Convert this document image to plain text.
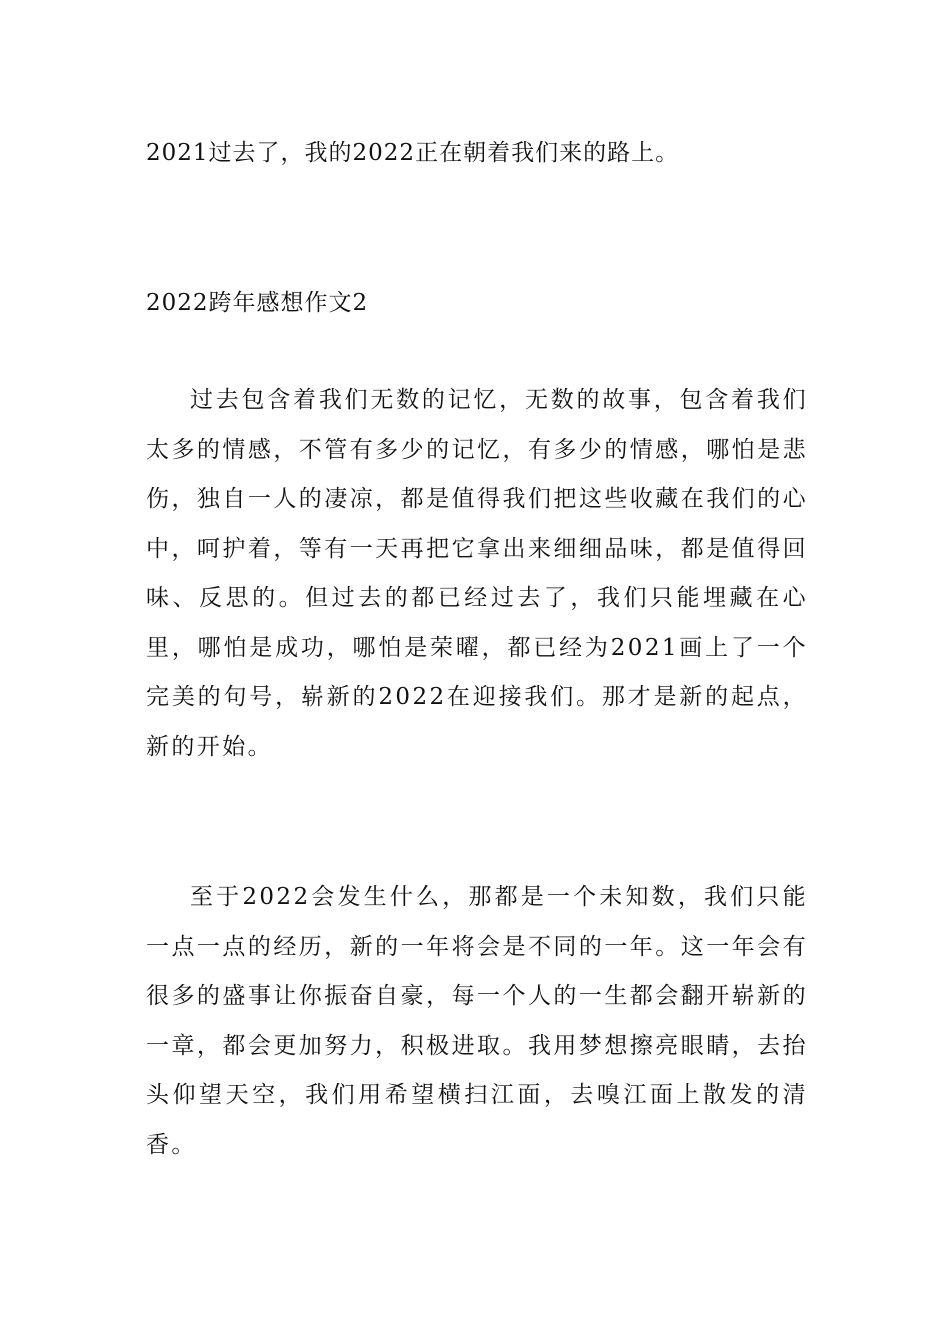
2021过去了，我的2022正在朝着我们来的路上。

2022跨年感想作文2

过去包含着我们无数的记忆，无数的故事，包含着我们太多的情感，不管有多少的记忆，有多少的情感，哪怕是悲伤，独自一人的凄凉，都是值得我们把这些收藏在我们的心中，呵护着，等有一天再把它拿出来细细品味，都是值得回味、反思的。但过去的都已经过去了，我们只能埋藏在心里，哪怕是成功，哪怕是荣曜，都已经为2021画上了一个完美的句号，崭新的2022在迎接我们。那才是新的起点，新的开始。

至于2022会发生什么，那都是一个未知数，我们只能一点一点的经历，新的一年将会是不同的一年。这一年会有很多的盛事让你振奋自豪，每一个人的一生都会翻开崭新的一章，都会更加努力，积极进取。我用梦想擦亮眼睛，去抬头仰望天空，我们用希望横扫江面，去嗅江面上散发的清香。
